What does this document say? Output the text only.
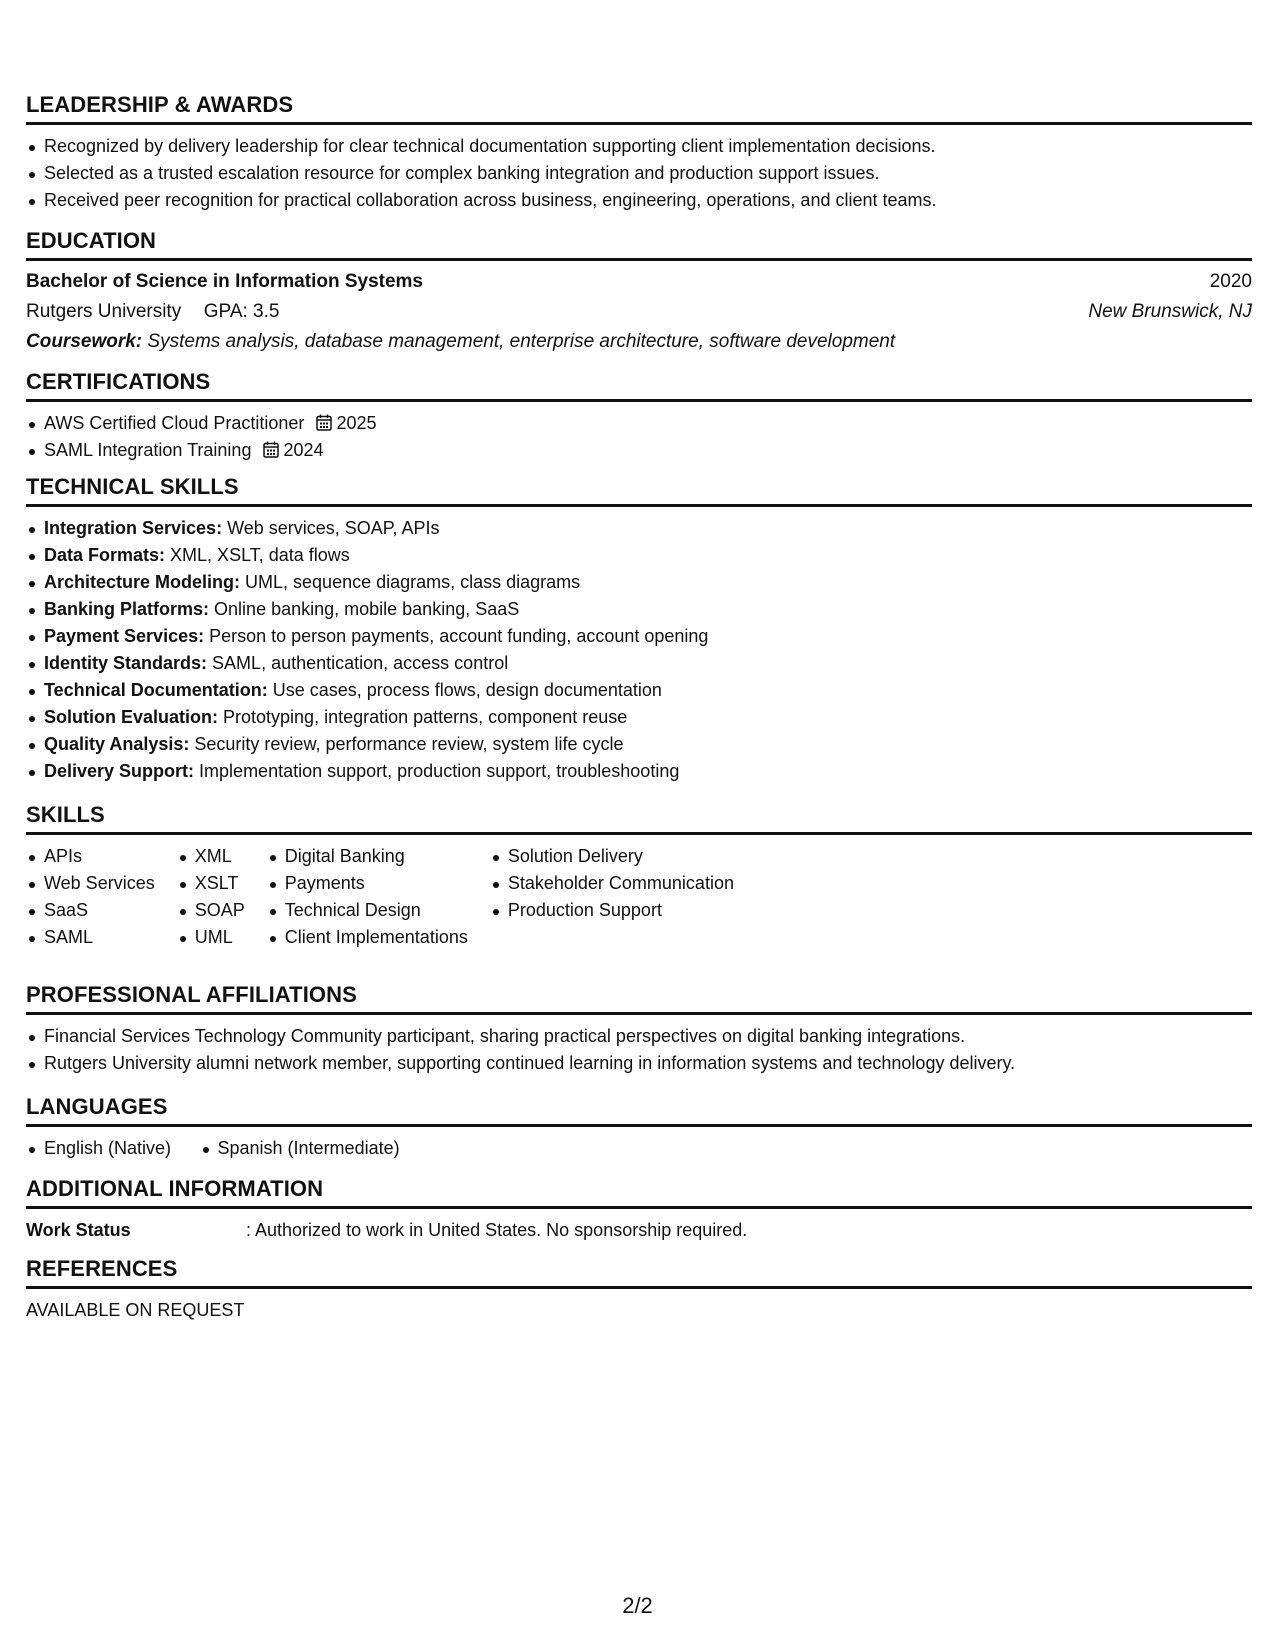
LEADERSHIP & AWARDS
Recognized by delivery leadership for clear technical documentation supporting client implementation decisions.
Selected as a trusted escalation resource for complex banking integration and production support issues.
Received peer recognition for practical collaboration across business, engineering, operations, and client teams.
EDUCATION
Bachelor of Science in Information Systems	2020
Rutgers University GPA: 3.5	New Brunswick, NJ
Coursework: Systems analysis, database management, enterprise architecture, software development
CERTIFICATIONS
AWS Certified Cloud Practitioner 2025
SAML Integration Training 2024
TECHNICAL SKILLS
Integration Services: Web services, SOAP, APIs
Data Formats: XML, XSLT, data flows
Architecture Modeling: UML, sequence diagrams, class diagrams
Banking Platforms: Online banking, mobile banking, SaaS
Payment Services: Person to person payments, account funding, account opening
Identity Standards: SAML, authentication, access control
Technical Documentation: Use cases, process flows, design documentation
Solution Evaluation: Prototyping, integration patterns, component reuse
Quality Analysis: Security review, performance review, system life cycle
Delivery Support: Implementation support, production support, troubleshooting
SKILLS
APIs
Web Services
SaaS
SAML
XML
XSLT
SOAP
UML
Digital Banking
Payments
Technical Design
Client Implementations
Solution Delivery
Stakeholder Communication
Production Support
PROFESSIONAL AFFILIATIONS
Financial Services Technology Community participant, sharing practical perspectives on digital banking integrations.
Rutgers University alumni network member, supporting continued learning in information systems and technology delivery.
LANGUAGES
English (Native)	Spanish (Intermediate)
ADDITIONAL INFORMATION
Work Status	: Authorized to work in United States. No sponsorship required.
REFERENCES
AVAILABLE ON REQUEST
2/2
